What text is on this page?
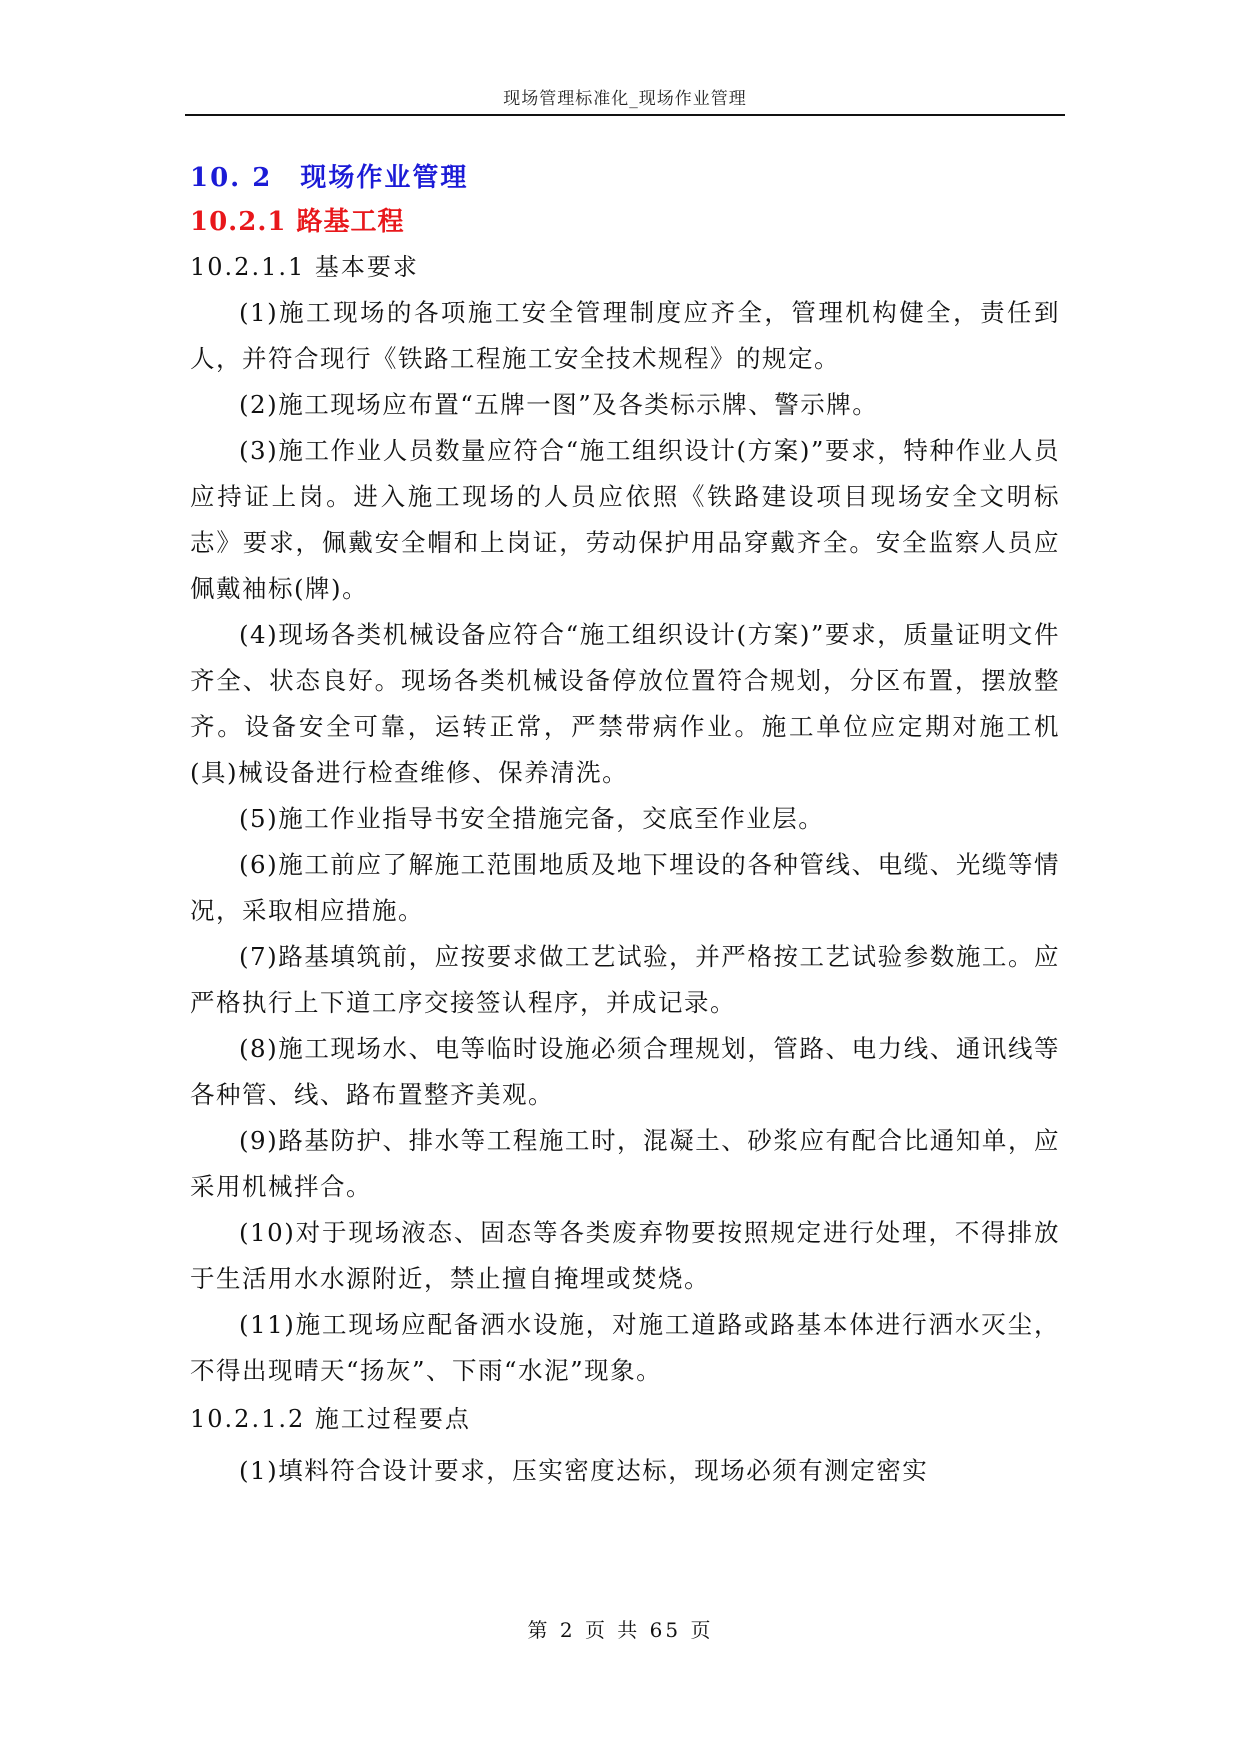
现场管理标准化_现场作业管理
10. 2　现场作业管理
10.2.1 路基工程
10.2.1.1 基本要求

(1)施工现场的各项施工安全管理制度应齐全，管理机构健全，责任到人，并符合现行《铁路工程施工安全技术规程》的规定。

(2)施工现场应布置“五牌一图”及各类标示牌、警示牌。

(3)施工作业人员数量应符合“施工组织设计(方案)”要求，特种作业人员应持证上岗。进入施工现场的人员应依照《铁路建设项目现场安全文明标志》要求，佩戴安全帽和上岗证，劳动保护用品穿戴齐全。安全监察人员应佩戴袖标(牌)。

(4)现场各类机械设备应符合“施工组织设计(方案)”要求，质量证明文件齐全、状态良好。现场各类机械设备停放位置符合规划，分区布置，摆放整齐。设备安全可靠，运转正常，严禁带病作业。施工单位应定期对施工机(具)械设备进行检查维修、保养清洗。

(5)施工作业指导书安全措施完备，交底至作业层。

(6)施工前应了解施工范围地质及地下埋设的各种管线、电缆、光缆等情况，采取相应措施。

(7)路基填筑前，应按要求做工艺试验，并严格按工艺试验参数施工。应严格执行上下道工序交接签认程序，并成记录。

(8)施工现场水、电等临时设施必须合理规划，管路、电力线、通讯线等各种管、线、路布置整齐美观。

(9)路基防护、排水等工程施工时，混凝土、砂浆应有配合比通知单，应采用机械拌合。

(10)对于现场液态、固态等各类废弃物要按照规定进行处理，不得排放于生活用水水源附近，禁止擅自掩埋或焚烧。

(11)施工现场应配备洒水设施，对施工道路或路基本体进行洒水灭尘，不得出现晴天“扬灰”、下雨“水泥”现象。

10.2.1.2 施工过程要点

(1)填料符合设计要求，压实密度达标，现场必须有测定密实

第 2 页 共 65 页
